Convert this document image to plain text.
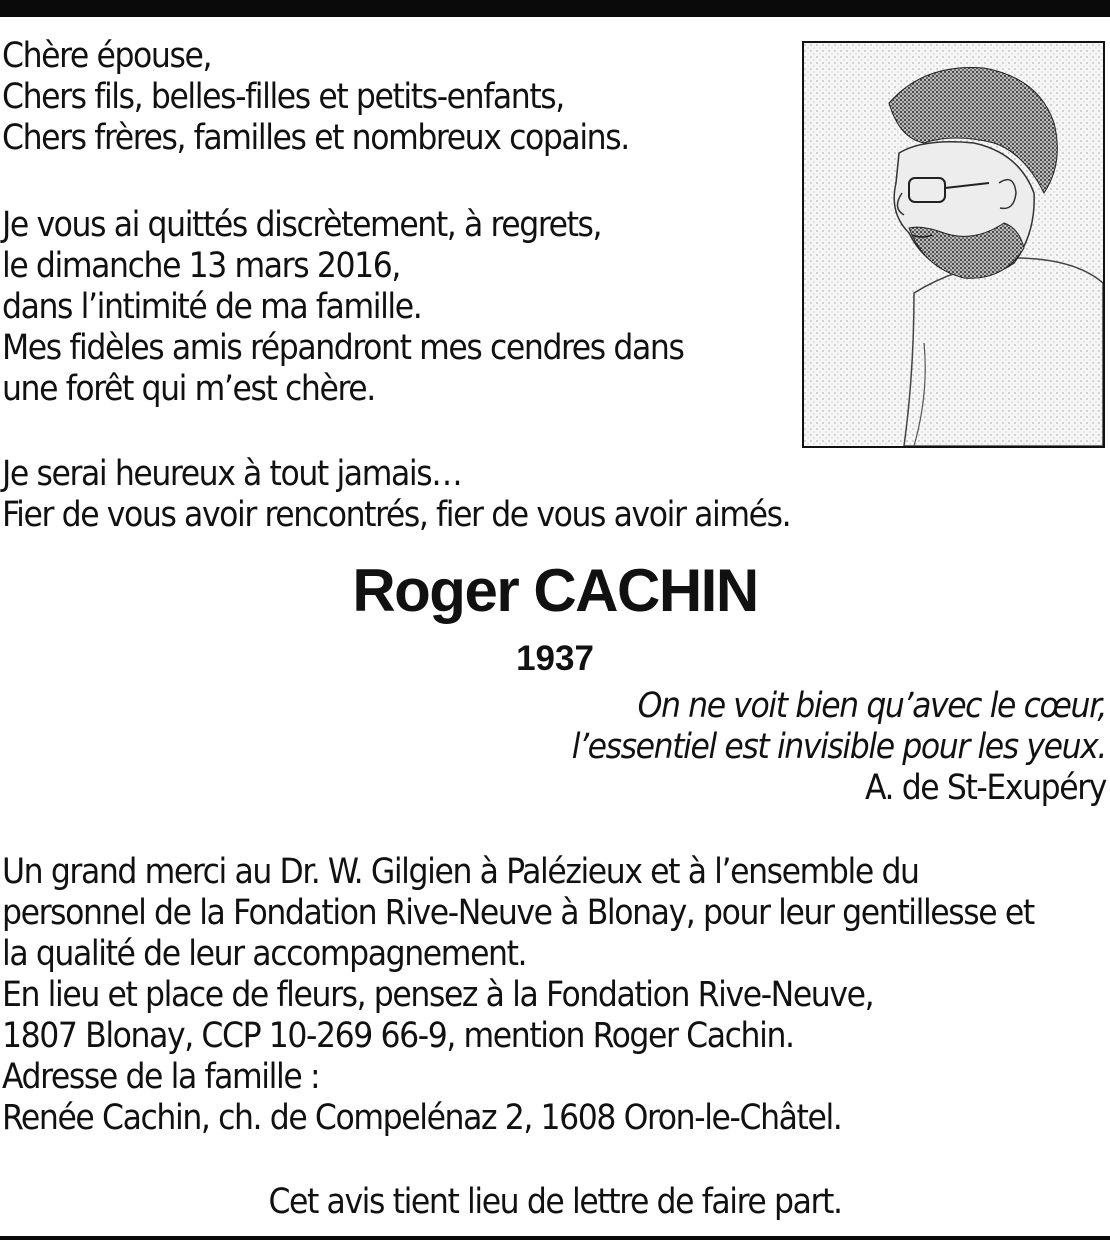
Chère épouse,
Chers fils, belles-filles et petits-enfants,
Chers frères, familles et nombreux copains.
Je vous ai quittés discrètement, à regrets,
le dimanche 13 mars 2016,
dans l’intimité de ma famille.
Mes fidèles amis répandront mes cendres dans
une forêt qui m’est chère.
Je serai heureux à tout jamais…
Fier de vous avoir rencontrés, fier de vous avoir aimés.
Roger CACHIN
1937
On ne voit bien qu’avec le cœur,
l’essentiel est invisible pour les yeux.
A. de St-Exupéry
Un grand merci au Dr. W. Gilgien à Palézieux et à l’ensemble du
personnel de la Fondation Rive-Neuve à Blonay, pour leur gentillesse et
la qualité de leur accompagnement.
En lieu et place de fleurs, pensez à la Fondation Rive-Neuve,
1807 Blonay, CCP 10-269 66-9, mention Roger Cachin.
Adresse de la famille :
Renée Cachin, ch. de Compelénaz 2, 1608 Oron-le-Châtel.
Cet avis tient lieu de lettre de faire part.
